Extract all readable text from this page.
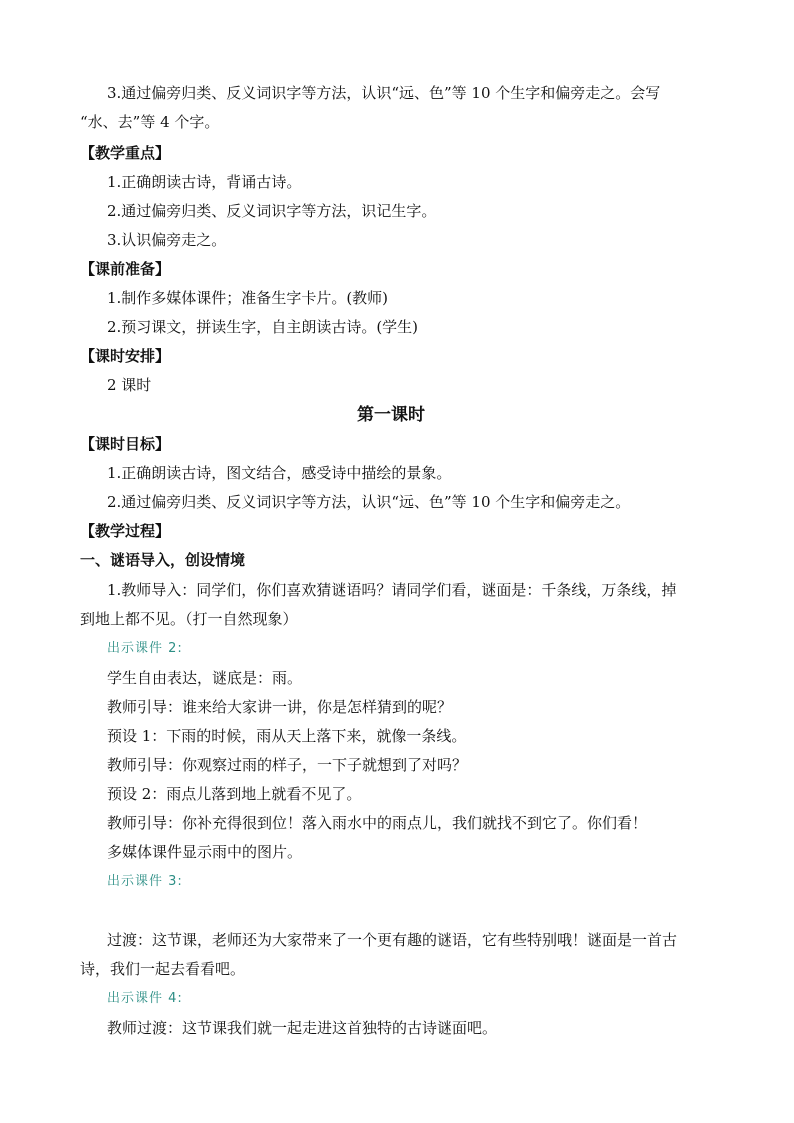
3.通过偏旁归类、反义词识字等方法，认识“远、色”等 10 个生字和偏旁走之。会写
“水、去”等 4 个字。
【教学重点】
1.正确朗读古诗，背诵古诗。
2.通过偏旁归类、反义词识字等方法，识记生字。
3.认识偏旁走之。
【课前准备】
1.制作多媒体课件；准备生字卡片。(教师)
2.预习课文，拼读生字，自主朗读古诗。(学生)
【课时安排】
2 课时
第一课时
【课时目标】
1.正确朗读古诗，图文结合，感受诗中描绘的景象。
2.通过偏旁归类、反义词识字等方法，认识“远、色”等 10 个生字和偏旁走之。
【教学过程】
一、谜语导入，创设情境
1.教师导入：同学们，你们喜欢猜谜语吗？请同学们看，谜面是：千条线，万条线，掉
到地上都不见。（打一自然现象）
出示课件 2:
学生自由表达，谜底是：雨。
教师引导：谁来给大家讲一讲，你是怎样猜到的呢？
预设 1：下雨的时候，雨从天上落下来，就像一条线。
教师引导：你观察过雨的样子，一下子就想到了对吗？
预设 2：雨点儿落到地上就看不见了。
教师引导：你补充得很到位！落入雨水中的雨点儿，我们就找不到它了。你们看！
多媒体课件显示雨中的图片。
出示课件 3:
过渡：这节课，老师还为大家带来了一个更有趣的谜语，它有些特别哦！谜面是一首古
诗，我们一起去看看吧。
出示课件 4:
教师过渡：这节课我们就一起走进这首独特的古诗谜面吧。
